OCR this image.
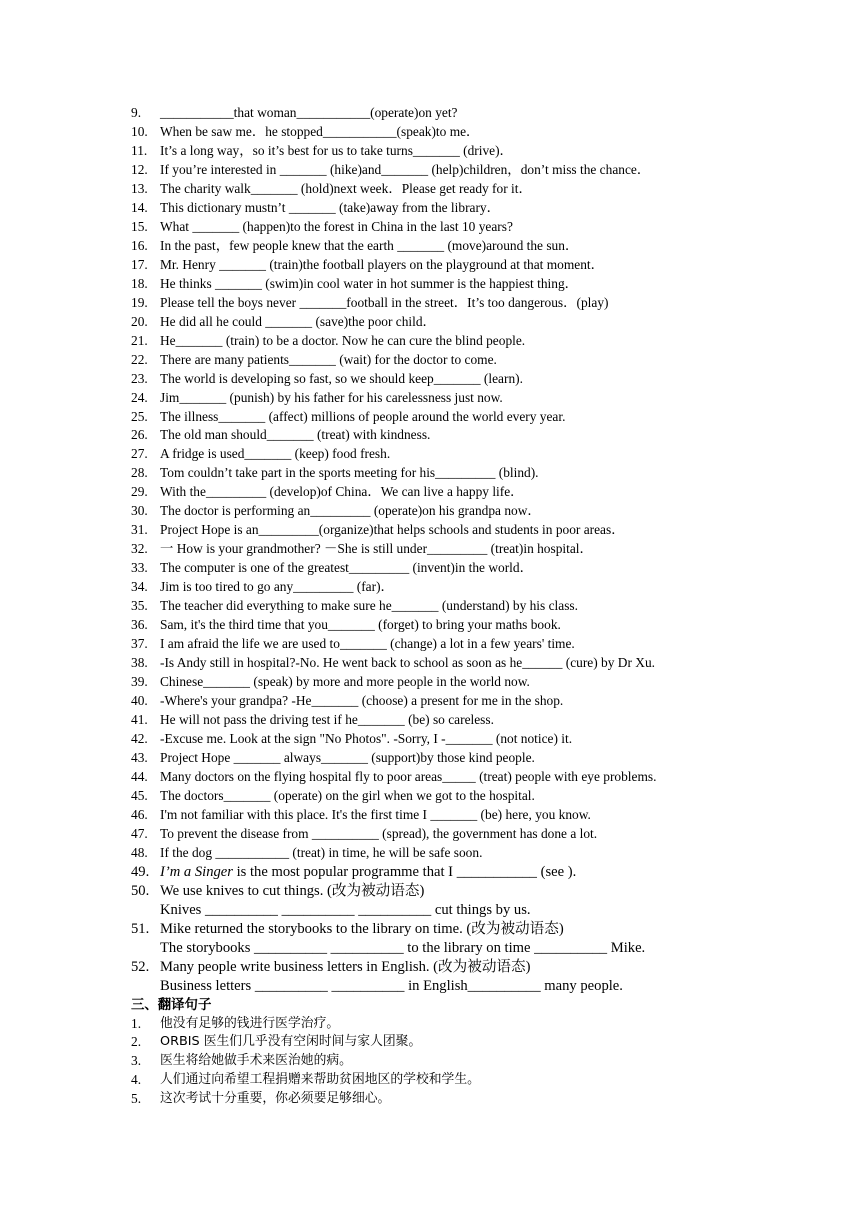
9. ___________that woman___________(operate)on yet?
10. When be saw me．he stopped___________(speak)to me．
11. It’s a long way，so it’s best for us to take turns_______ (drive)．
12. If you’re interested in _______ (hike)and_______ (help)children，don’t miss the chance．
13. The charity walk_______ (hold)next week．Please get ready for it．
14. This dictionary mustn’t _______ (take)away from the library．
15. What _______ (happen)to the forest in China in the last 10 years?
16. In the past，few people knew that the earth _______ (move)around the sun．
17. Mr. Henry _______ (train)the football players on the playground at that moment．
18. He thinks _______ (swim)in cool water in hot summer is the happiest thing．
19. Please tell the boys never _______football in the street．It’s too dangerous．(play)
20. He did all he could _______ (save)the poor child．
21. He_______ (train) to be a doctor. Now he can cure the blind people.
22. There are many patients_______ (wait) for the doctor to come.
23. The world is developing so fast, so we should keep_______ (learn).
24. Jim_______ (punish) by his father for his carelessness just now.
25. The illness_______ (affect) millions of people around the world every year.
26. The old man should_______ (treat) with kindness.
27. A fridge is used_______ (keep) food fresh.
28. Tom couldn’t take part in the sports meeting for his_________ (blind).
29. With the_________ (develop)of China．We can live a happy life．
30. The doctor is performing an_________ (operate)on his grandpa now．
31. Project Hope is an_________(organize)that helps schools and students in poor areas．
32. 一 How is your grandmother? －She is still under_________ (treat)in hospital．
33. The computer is one of the greatest_________ (invent)in the world．
34. Jim is too tired to go any_________ (far)．
35. The teacher did everything to make sure he_______ (understand) by his class.
36. Sam, it's the third time that you_______ (forget) to bring your maths book.
37. I am afraid the life we are used to_______ (change) a lot in a few years' time.
38. -Is Andy still in hospital?-No. He went back to school as soon as he______ (cure) by Dr Xu.
39. Chinese_______ (speak) by more and more people in the world now.
40. -Where's your grandpa? -He_______ (choose) a present for me in the shop.
41. He will not pass the driving test if he_______ (be) so careless.
42. -Excuse me. Look at the sign "No Photos". -Sorry, I -_______ (not notice) it.
43. Project Hope _______ always_______ (support)by those kind people.
44. Many doctors on the flying hospital fly to poor areas_____ (treat) people with eye problems.
45. The doctors_______ (operate) on the girl when we got to the hospital.
46. I'm not familiar with this place. It's the first time I _______ (be) here, you know.
47. To prevent the disease from __________ (spread), the government has done a lot.
48. If the dog ___________ (treat) in time, he will be safe soon.
49. I’m a Singer is the most popular programme that I ___________ (see ).
50. We use knives to cut things. (改为被动语态)
Knives __________ __________ __________ cut things by us.
51. Mike returned the storybooks to the library on time. (改为被动语态)
The storybooks __________ __________ to the library on time __________ Mike.
52. Many people write business letters in English. (改为被动语态)
Business letters __________ __________ in English__________ many people.
三、翻译句子
1. 他没有足够的钱进行医学治疗。
2. ORBIS 医生们几乎没有空闲时间与家人团聚。
3. 医生将给她做手术来医治她的病。
4. 人们通过向希望工程捐赠来帮助贫困地区的学校和学生。
5. 这次考试十分重要，你必须要足够细心。
